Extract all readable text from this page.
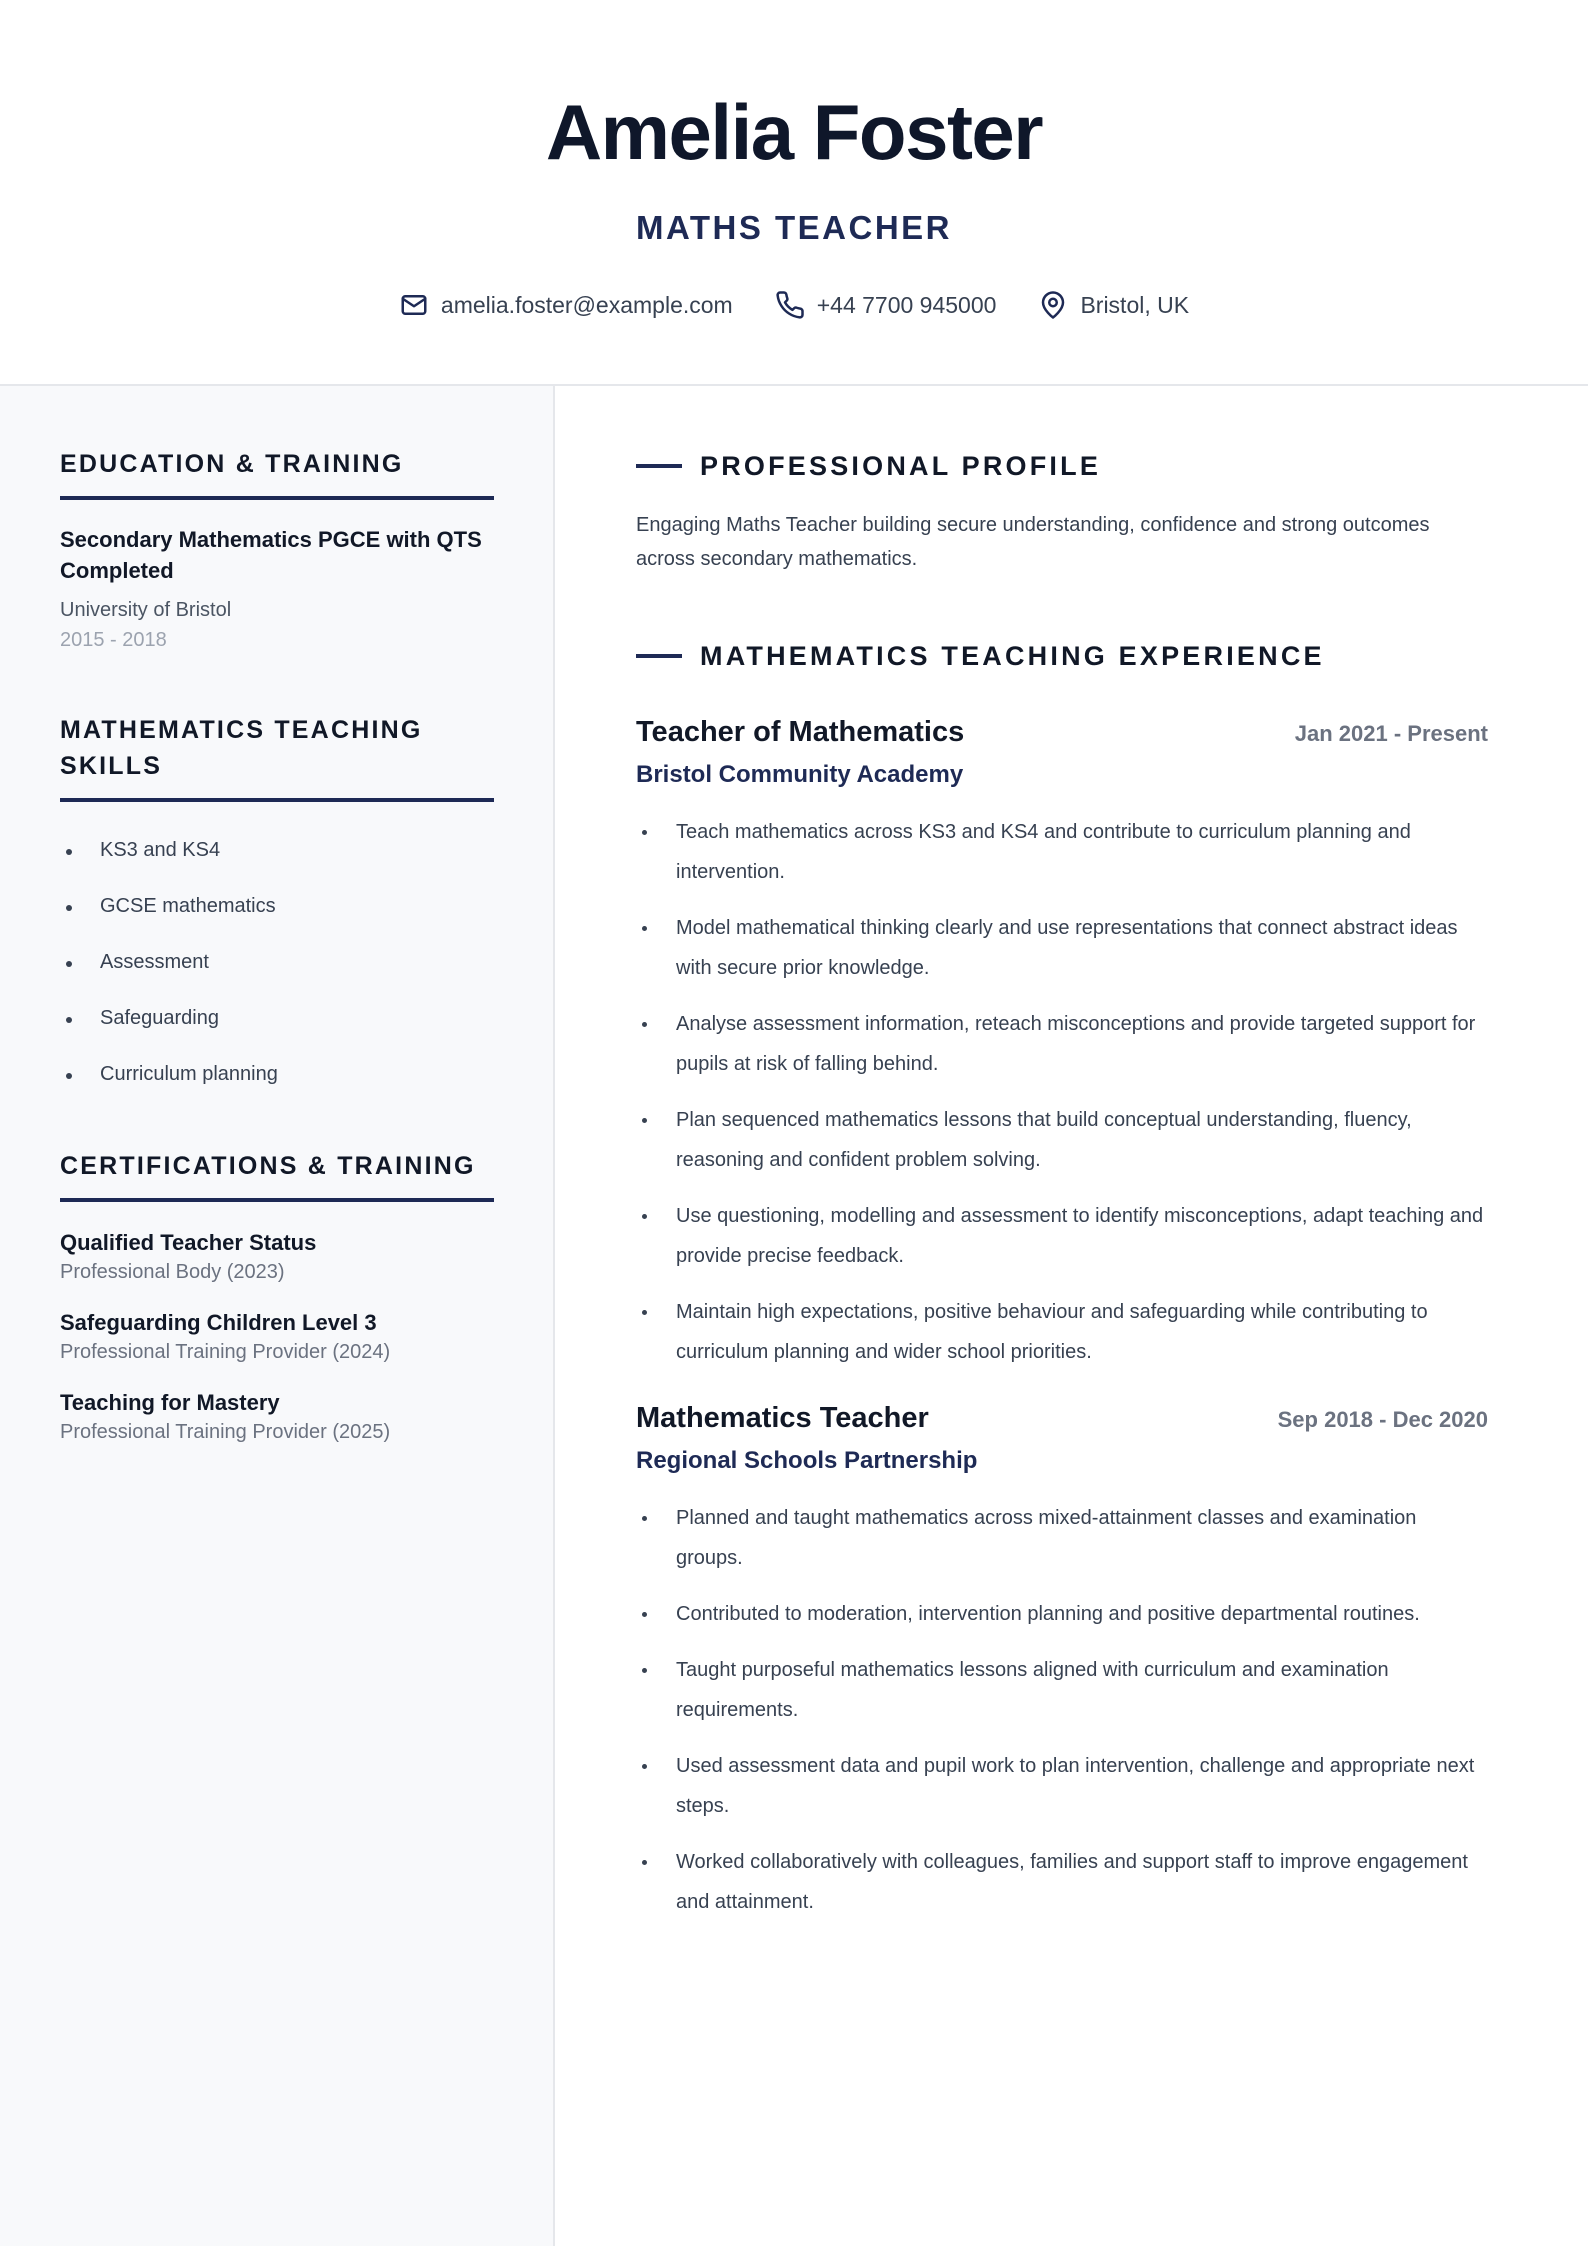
Amelia Foster
MATHS TEACHER
amelia.foster@example.com	+44 7700 945000	Bristol, UK
EDUCATION & TRAINING
Secondary Mathematics PGCE with QTS Completed
University of Bristol
2015 - 2018
MATHEMATICS TEACHING SKILLS
KS3 and KS4
GCSE mathematics
Assessment
Safeguarding
Curriculum planning
CERTIFICATIONS & TRAINING
Qualified Teacher Status
Professional Body (2023)
Safeguarding Children Level 3
Professional Training Provider (2024)
Teaching for Mastery
Professional Training Provider (2025)
PROFESSIONAL PROFILE

Engaging Maths Teacher building secure understanding, confidence and strong outcomes across secondary mathematics.

MATHEMATICS TEACHING EXPERIENCE
Teacher of Mathematics	Jan 2021 - Present
Bristol Community Academy
Teach mathematics across KS3 and KS4 and contribute to curriculum planning and intervention.
Model mathematical thinking clearly and use representations that connect abstract ideas with secure prior knowledge.
Analyse assessment information, reteach misconceptions and provide targeted support for pupils at risk of falling behind.
Plan sequenced mathematics lessons that build conceptual understanding, fluency, reasoning and confident problem solving.
Use questioning, modelling and assessment to identify misconceptions, adapt teaching and provide precise feedback.
Maintain high expectations, positive behaviour and safeguarding while contributing to curriculum planning and wider school priorities.
Mathematics Teacher	Sep 2018 - Dec 2020
Regional Schools Partnership
Planned and taught mathematics across mixed-attainment classes and examination groups.
Contributed to moderation, intervention planning and positive departmental routines.
Taught purposeful mathematics lessons aligned with curriculum and examination requirements.
Used assessment data and pupil work to plan intervention, challenge and appropriate next steps.
Worked collaboratively with colleagues, families and support staff to improve engagement and attainment.
